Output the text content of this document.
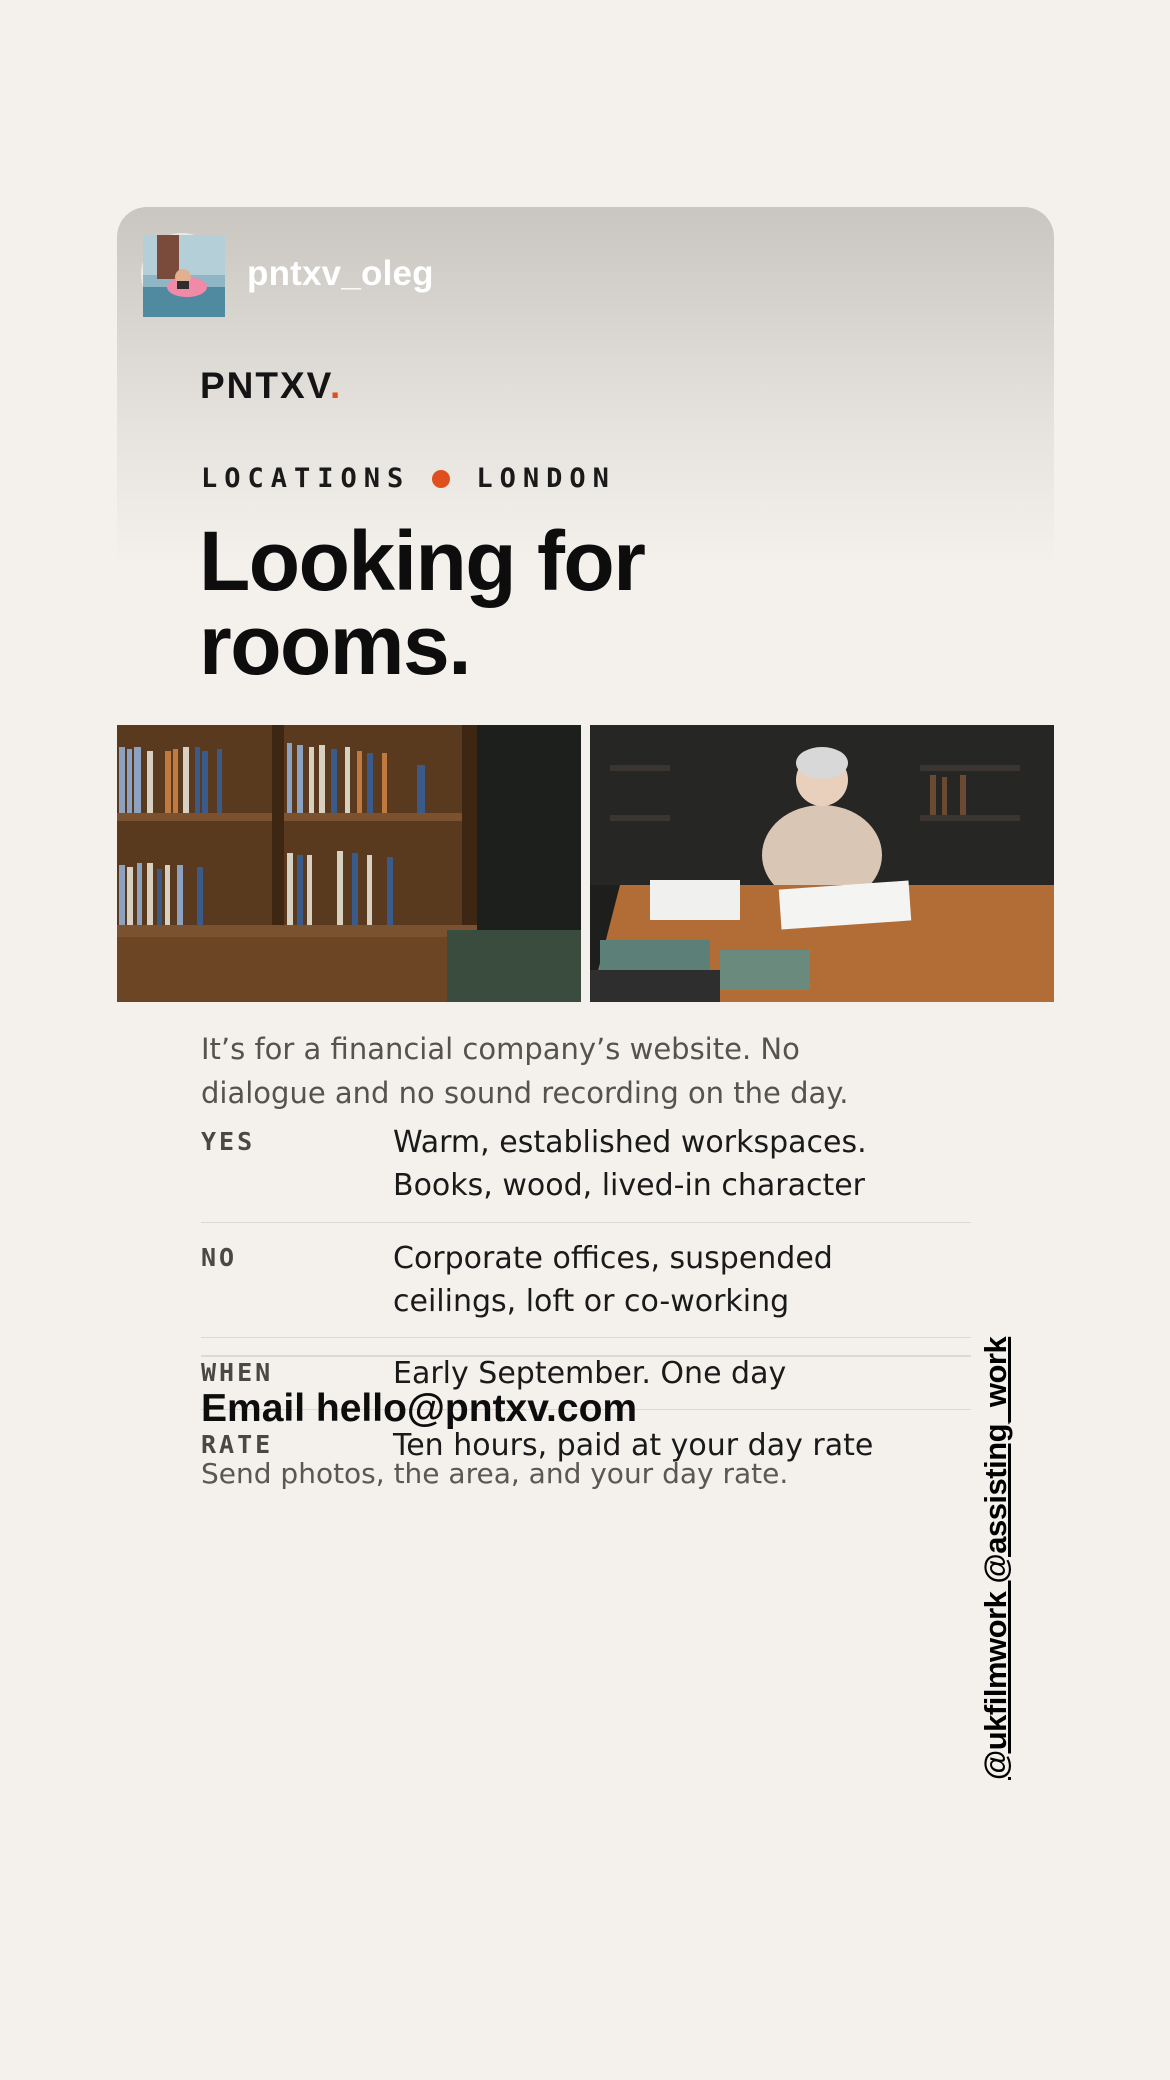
pntxv_oleg
PNTXV.
LOCATIONS LONDON
Looking for rooms.

It’s for a financial company’s website. No dialogue and no sound recording on the day.

YES	Warm, established workspaces. Books, wood, lived-in character
NO	Corporate offices, suspended ceilings, loft or co-working
WHEN	Early September. One day
RATE	Ten hours, paid at your day rate
Email hello@pntxv.com
Send photos, the area, and your day rate.	@ukfilmwork @assisting_work
